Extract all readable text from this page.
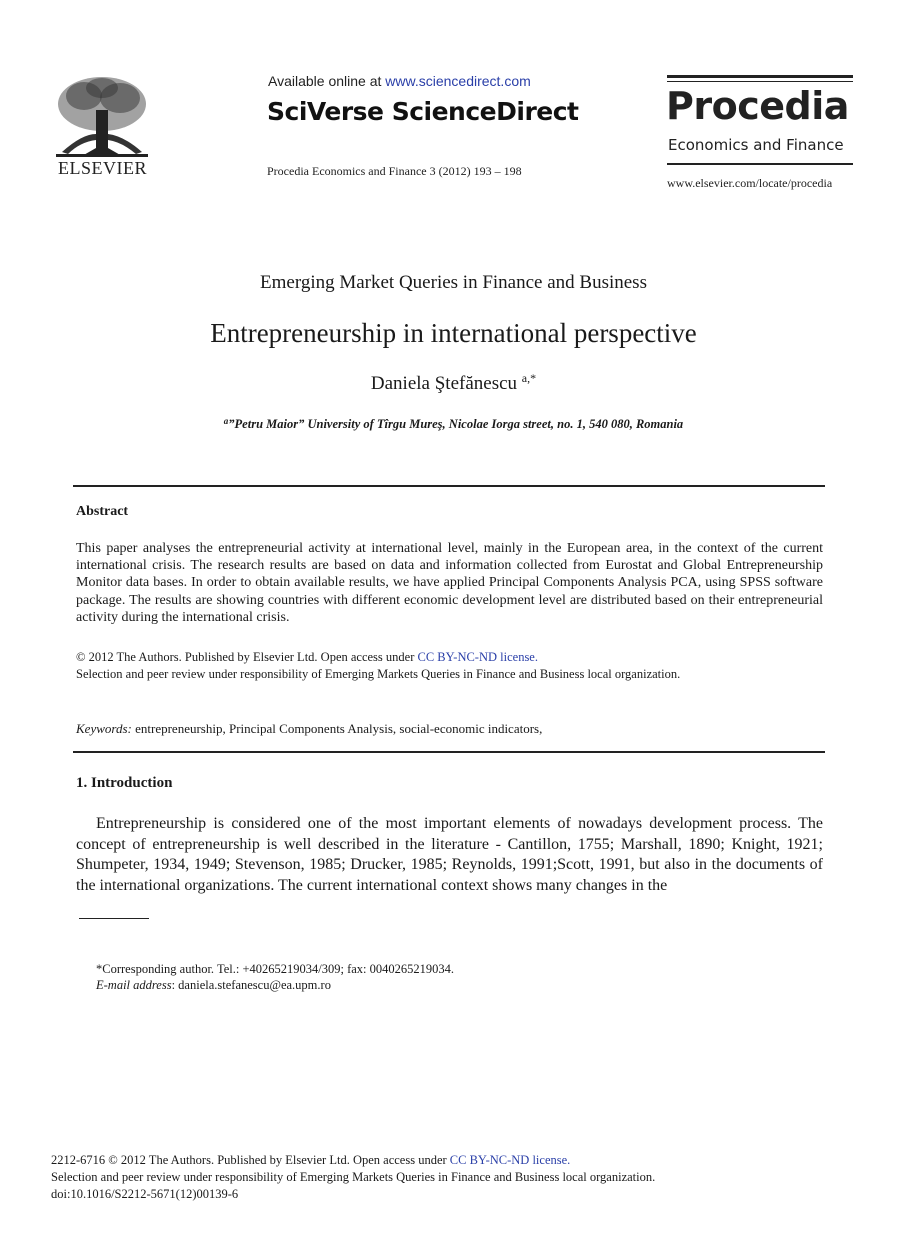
ELSEVIER
Available online at www.sciencedirect.com
SciVerse ScienceDirect
Procedia Economics and Finance 3 (2012) 193 – 198
Procedia
Economics and Finance
www.elsevier.com/locate/procedia
Emerging Market Queries in Finance and Business
Entrepreneurship in international perspective
Daniela Ştefănescu $^{a,*}$
$^a$”Petru Maior” University of Tîrgu Mureş, Nicolae Iorga street, no. 1, 540 080, Romania
Abstract
This paper analyses the entrepreneurial activity at international level, mainly in the European area, in the context of the current international crisis. The research results are based on data and information collected from Eurostat and Global Entrepreneurship Monitor data bases. In order to obtain available results, we have applied Principal Components Analysis PCA, using SPSS software package. The results are showing countries with different economic development level are distributed based on their entrepreneurial activity during the international crisis.
© 2012 The Authors. Published by Elsevier Ltd. Open access under CC BY-NC-ND license.
Selection and peer review under responsibility of Emerging Markets Queries in Finance and Business local organization.
Keywords: entrepreneurship, Principal Components Analysis, social-economic indicators,
1. Introduction
Entrepreneurship is considered one of the most important elements of nowadays development process. The concept of entrepreneurship is well described in the literature - Cantillon, 1755; Marshall, 1890; Knight, 1921; Shumpeter, 1934, 1949; Stevenson, 1985; Drucker, 1985; Reynolds, 1991;Scott, 1991, but also in the documents of the international organizations. The current international context shows many changes in the
*Corresponding author. Tel.: +40265219034/309; fax: 0040265219034.
E-mail address: daniela.stefanescu@ea.upm.ro
2212-6716 © 2012 The Authors. Published by Elsevier Ltd. Open access under CC BY-NC-ND license.
Selection and peer review under responsibility of Emerging Markets Queries in Finance and Business local organization.
doi:10.1016/S2212-5671(12)00139-6
